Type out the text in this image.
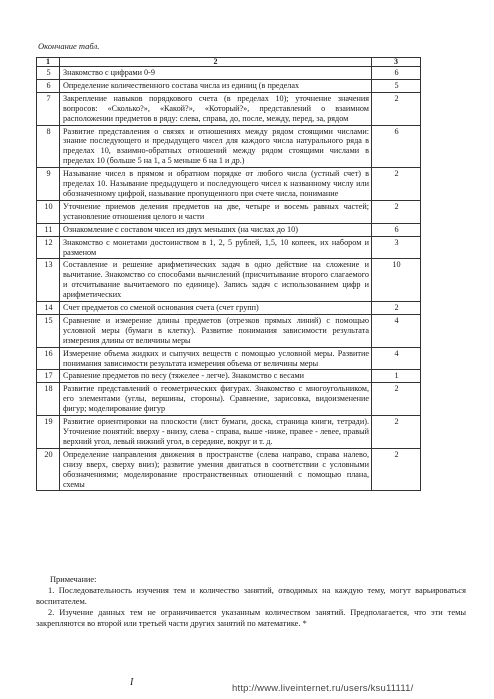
Окончание табл.
1	2	3
5	Знакомство с цифрами 0-9	6
6	Определение количественного состава числа из единиц (в пределах	5
7	Закрепление навыков порядкового счета (в пределах 10); уточнение значения вопросов: «Сколько?», «Какой?», «Который?», представлений о взаимном расположении предметов в ряду: слева, справа, до, после, между, перед, за, рядом	2
8	Развитие представления о связях и отношениях между рядом стоящими числами: знание последующего и предыдущего чисел для каждого числа натурального ряда в пределах 10, взаимно-обратных отношений между рядом стоящими числами в пределах 10 (больше 5 на 1, а 5 меньше 6 на 1 и др.)	6
9	Называние чисел в прямом и обратном порядке от любого числа (устный счет) в пределах 10. Называние предыдущего и последующего чисел к названному числу или обозначенному цифрой, называние пропущенного при счете числа, понимание	2
10	Уточнение приемов деления предметов на две, четыре и восемь равных частей; установление отношения целого и части	2
11	Ознакомление с составом чисел из двух меньших (на числах до 10)	6
12	Знакомство с монетами достоинством в 1, 2, 5 рублей, 1,5, 10 копеек, их набором и разменом	3
13	Составление и решение арифметических задач в одно действие на сложение и вычитание. Знакомство со способами вычислений (присчитывание второго слагаемого и отсчитывание вычитаемого по единице). Запись задач с использованием цифр и арифметических	10
14	Счет предметов со сменой основания счета (счет групп)	2
15	Сравнение и измерение длины предметов (отрезков прямых линий) с помощью условной меры (бумаги в клетку). Развитие понимания зависимости результата измерения длины от величины меры	4
16	Измерение объема жидких и сыпучих веществ с помощью условной меры. Развитие понимания зависимости результата измерения объема от величины меры	4
17	Сравнение предметов по весу (тяжелее - легче). Знакомство с весами	1
18	Развитие представлений о геометрических фигурах. Знакомство с многоугольником, его элементами (углы, вершины, стороны). Сравнение, зарисовка, видоизменение фигур; моделирование фигур	2
19	Развитие ориентировки на плоскости (лист бумаги, доска, страница книги, тетради). Уточнение понятий: вверху - внизу, слева - справа, выше -ниже, правее - левее, правый верхний угол, левый нижний угол, в середине, вокруг и т. д.	2
20	Определение направления движения в пространстве (слева направо, справа налево, снизу вверх, сверху вниз); развитие умения двигаться в соответствии с условными обозначениями; моделирование пространственных отношений с помощью плана, схемы	2

Примечание:

1. Последовательность изучения тем и количество занятий, отводимых на каждую тему, могут варьироваться воспитателем.

2. Изучение данных тем не ограничивается указанным количеством занятий. Предполагается, что эти темы закрепляются во второй или третьей части других занятий по математике. *

I
http://www.liveinternet.ru/users/ksu11111/
